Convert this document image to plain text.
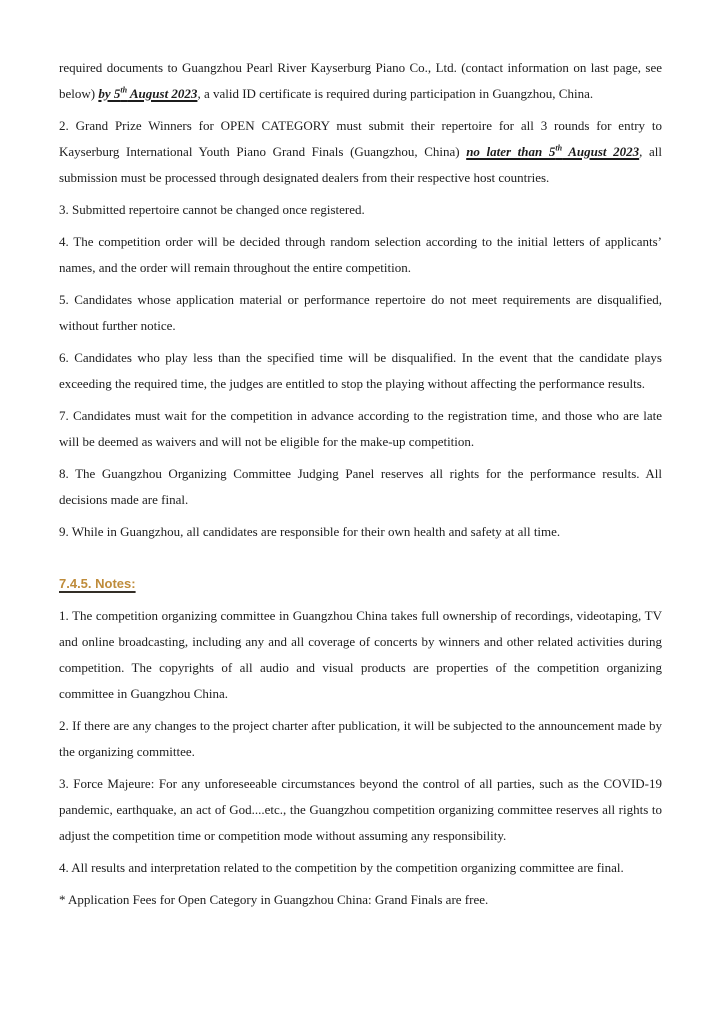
required documents to Guangzhou Pearl River Kayserburg Piano Co., Ltd. (contact information on last page, see below) by 5th August 2023, a valid ID certificate is required during participation in Guangzhou, China.

2. Grand Prize Winners for OPEN CATEGORY must submit their repertoire for all 3 rounds for entry to Kayserburg International Youth Piano Grand Finals (Guangzhou, China) no later than 5th August 2023, all submission must be processed through designated dealers from their respective host countries.

3. Submitted repertoire cannot be changed once registered.

4. The competition order will be decided through random selection according to the initial letters of applicants’ names, and the order will remain throughout the entire competition.

5. Candidates whose application material or performance repertoire do not meet requirements are disqualified, without further notice.

6. Candidates who play less than the specified time will be disqualified. In the event that the candidate plays exceeding the required time, the judges are entitled to stop the playing without affecting the performance results.

7. Candidates must wait for the competition in advance according to the registration time, and those who are late will be deemed as waivers and will not be eligible for the make-up competition.

8. The Guangzhou Organizing Committee Judging Panel reserves all rights for the performance results. All decisions made are final.

9. While in Guangzhou, all candidates are responsible for their own health and safety at all time.

7.4.5. Notes:

1. The competition organizing committee in Guangzhou China takes full ownership of recordings, videotaping, TV and online broadcasting, including any and all coverage of concerts by winners and other related activities during competition. The copyrights of all audio and visual products are properties of the competition organizing committee in Guangzhou China.

2. If there are any changes to the project charter after publication, it will be subjected to the announcement made by the organizing committee.

3. Force Majeure: For any unforeseeable circumstances beyond the control of all parties, such as the COVID-19 pandemic, earthquake, an act of God....etc., the Guangzhou competition organizing committee reserves all rights to adjust the competition time or competition mode without assuming any responsibility.

4. All results and interpretation related to the competition by the competition organizing committee are final.

* Application Fees for Open Category in Guangzhou China: Grand Finals are free.
